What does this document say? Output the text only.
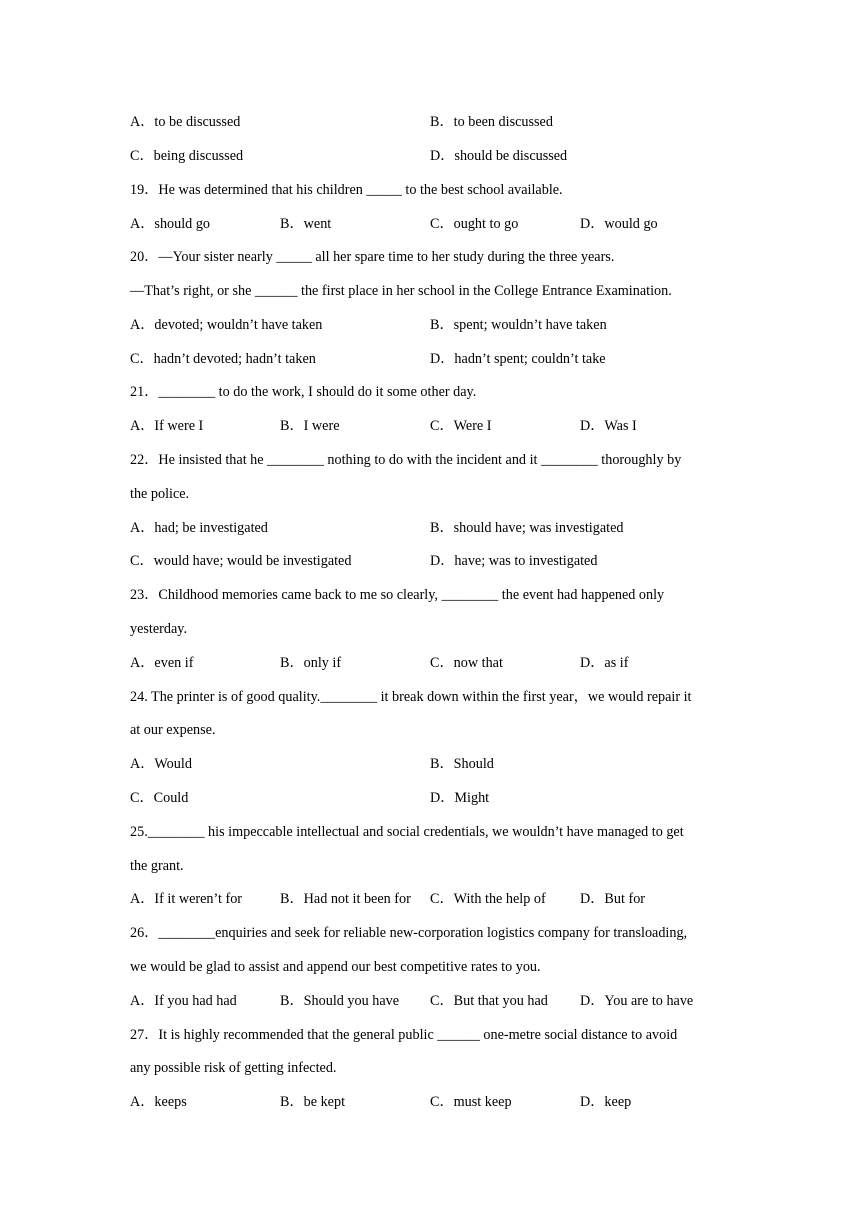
A．to be discussed	B．to been discussed
C．being discussed	D．should be discussed
19．He was determined that his children _____ to the best school available.
A．should go	B．went	C．ought to go	D．would go
20．—Your sister nearly _____ all her spare time to her study during the three years.
—That’s right, or she ______ the first place in her school in the College Entrance Examination.
A．devoted; wouldn’t have taken	B．spent; wouldn’t have taken
C．hadn’t devoted; hadn’t taken	D．hadn’t spent; couldn’t take
21．________ to do the work, I should do it some other day.
A．If were I	B．I were	C．Were I	D．Was I
22．He insisted that he ________ nothing to do with the incident and it ________ thoroughly by
the police.
A．had; be investigated	B．should have; was investigated
C．would have; would be investigated	D．have; was to investigated
23．Childhood memories came back to me so clearly, ________ the event had happened only
yesterday.
A．even if	B．only if	C．now that	D．as if
24. The printer is of good quality.________ it break down within the first year，we would repair it
at our expense.
A．Would	B．Should
C．Could	D．Might
25.________ his impeccable intellectual and social credentials, we wouldn’t have managed to get
the grant.
A．If it weren’t for	B．Had not it been for C．With the help of D．But for
26．________enquiries and seek for reliable new-corporation logistics company for transloading,
we would be glad to assist and append our best competitive rates to you.
A．If you had had	B．Should you have C．But that you had D．You are to have
27．It is highly recommended that the general public ______ one-metre social distance to avoid
any possible risk of getting infected.
A．keeps	B．be kept	C．must keep	D．keep
